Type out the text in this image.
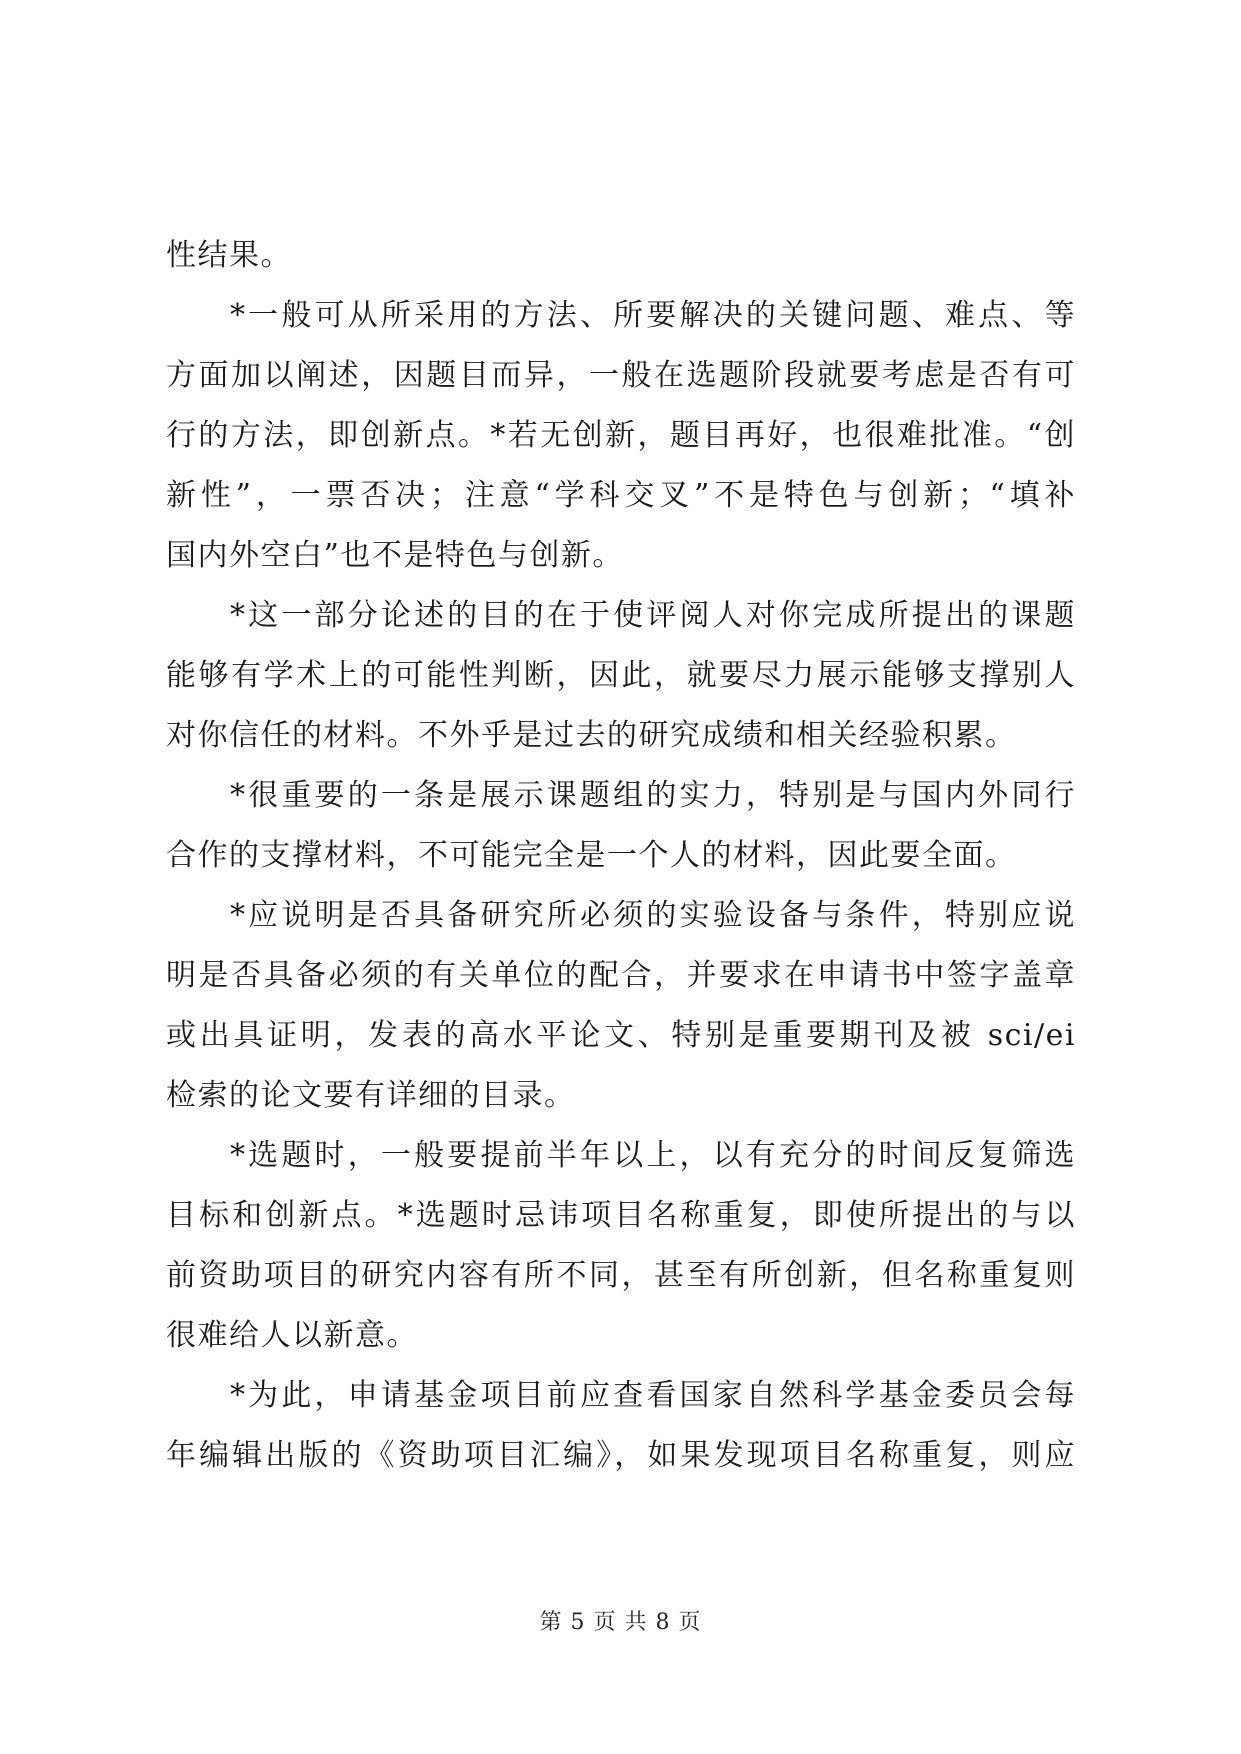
性结果。
*一般可从所采用的方法、所要解决的关键问题、难点、等
方面加以阐述，因题目而异，一般在选题阶段就要考虑是否有可
行的方法，即创新点。*若无创新，题目再好，也很难批准。“创
新性”，一票否决；注意“学科交叉”不是特色与创新；“填补
国内外空白”也不是特色与创新。
*这一部分论述的目的在于使评阅人对你完成所提出的课题
能够有学术上的可能性判断，因此，就要尽力展示能够支撑别人
对你信任的材料。不外乎是过去的研究成绩和相关经验积累。
*很重要的一条是展示课题组的实力，特别是与国内外同行
合作的支撑材料，不可能完全是一个人的材料，因此要全面。
*应说明是否具备研究所必须的实验设备与条件，特别应说
明是否具备必须的有关单位的配合，并要求在申请书中签字盖章
或出具证明，发表的高水平论文、特别是重要期刊及被 sci/ei
检索的论文要有详细的目录。
*选题时，一般要提前半年以上，以有充分的时间反复筛选
目标和创新点。*选题时忌讳项目名称重复，即使所提出的与以
前资助项目的研究内容有所不同，甚至有所创新，但名称重复则
很难给人以新意。
*为此，申请基金项目前应查看国家自然科学基金委员会每
年编辑出版的《资助项目汇编》，如果发现项目名称重复，则应
第 5 页 共 8 页
